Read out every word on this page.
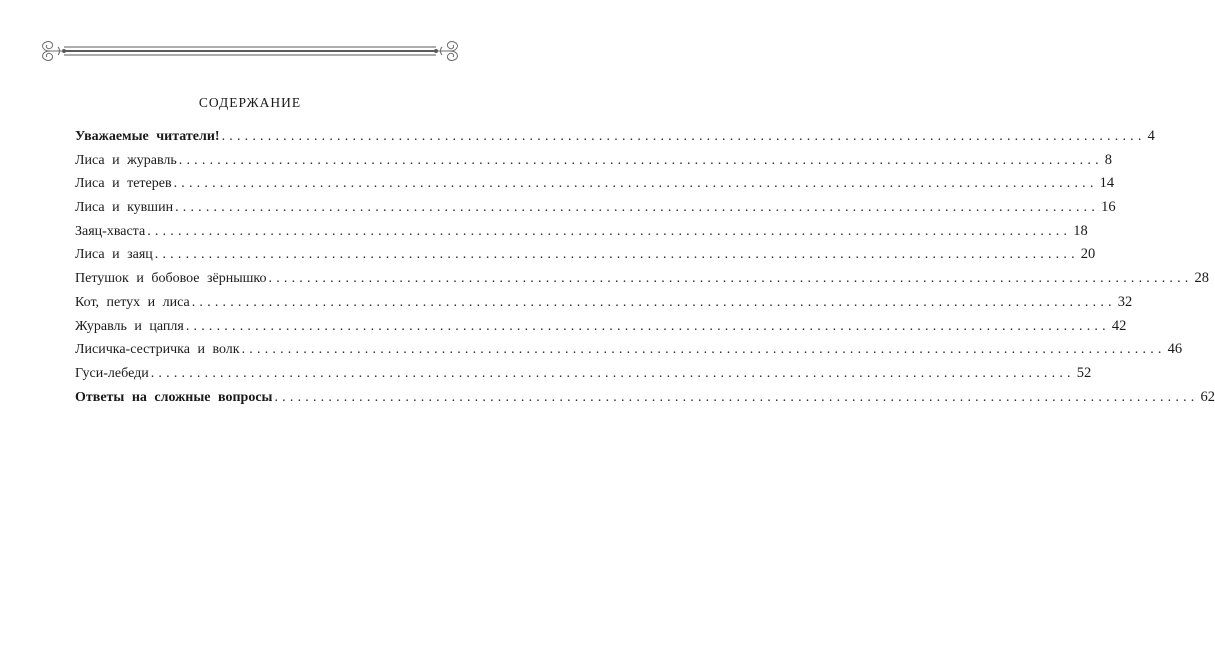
СОДЕРЖАНИЕ
Уважаемые читатели! ........................................................................................................................ 4
Лиса и журавль ........................................................................................................................ 8
Лиса и тетерев ........................................................................................................................ 14
Лиса и кувшин ........................................................................................................................ 16
Заяц-хваста ........................................................................................................................ 18
Лиса и заяц ........................................................................................................................ 20
Петушок и бобовое зёрнышко ........................................................................................................................ 28
Кот, петух и лиса ........................................................................................................................ 32
Журавль и цапля ........................................................................................................................ 42
Лисичка-сестричка и волк ........................................................................................................................ 46
Гуси-лебеди ........................................................................................................................ 52
Ответы на сложные вопросы ........................................................................................................................ 62
